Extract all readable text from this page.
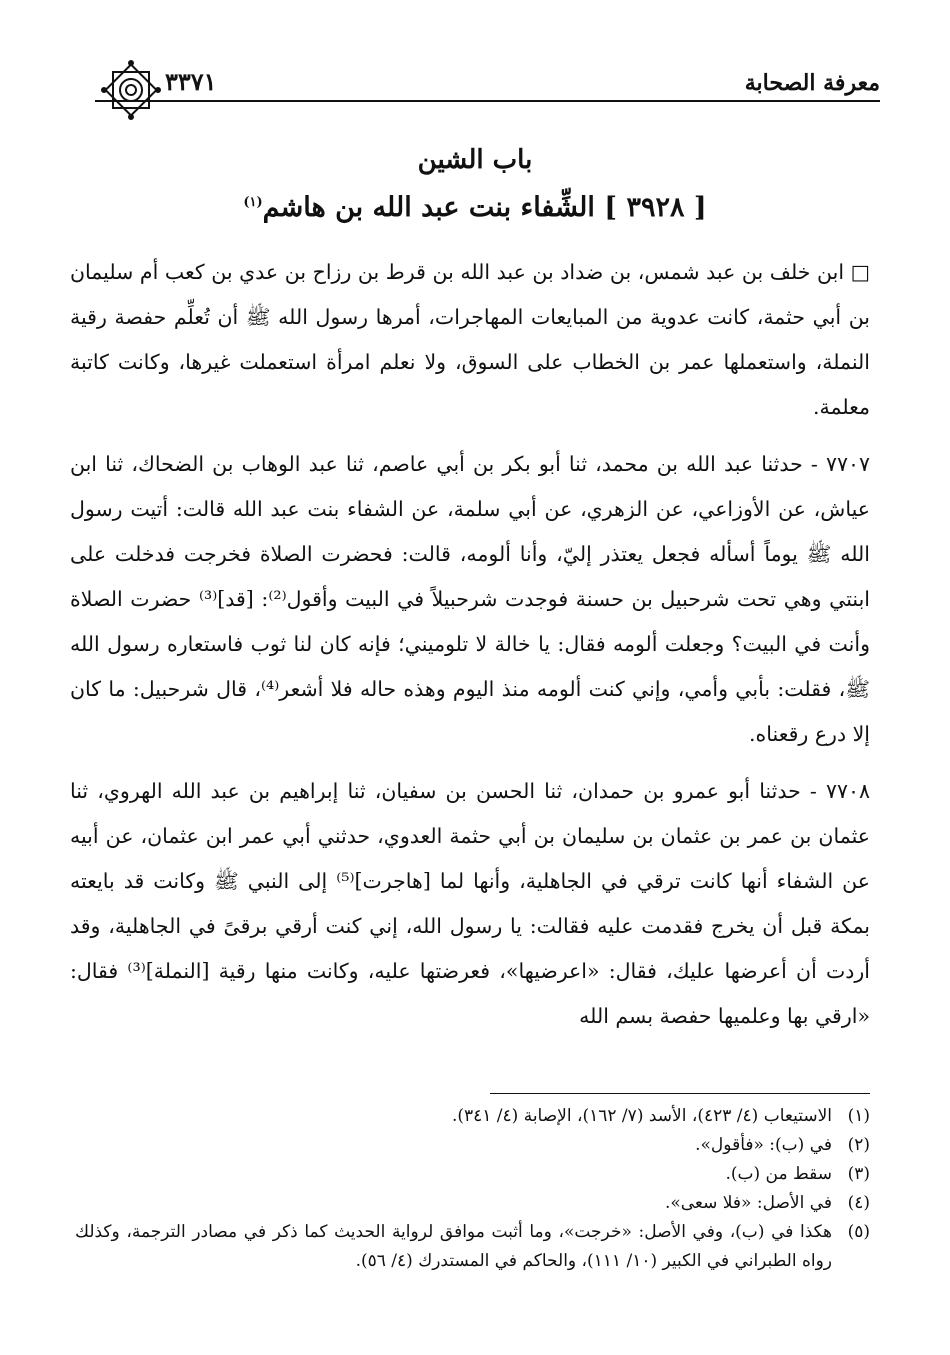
معرفة الصحابة
٣٣٧١
باب الشين
[ ٣٩٢٨ ] الشِّفاء بنت عبد الله بن هاشم$^{(١)}$

□ ابن خلف بن عبد شمس، بن ضداد بن عبد الله بن قرط بن رزاح بن عدي بن كعب أم سليمان بن أبي حثمة، كانت عدوية من المبايعات المهاجرات، أمرها رسول الله ﷺ أن تُعلِّم حفصة رقية النملة، واستعملها عمر بن الخطاب على السوق، ولا نعلم امرأة استعملت غيرها، وكانت كاتبة معلمة.

٧٧٠٧ - حدثنا عبد الله بن محمد، ثنا أبو بكر بن أبي عاصم، ثنا عبد الوهاب بن الضحاك، ثنا ابن عياش، عن الأوزاعي، عن الزهري، عن أبي سلمة، عن الشفاء بنت عبد الله قالت: أتيت رسول الله ﷺ يوماً أسأله فجعل يعتذر إليّ، وأنا ألومه، قالت: فحضرت الصلاة فخرجت فدخلت على ابنتي وهي تحت شرحبيل بن حسنة فوجدت شرحبيلاً في البيت وأقول⁽²⁾: [قد]⁽³⁾ حضرت الصلاة وأنت في البيت؟ وجعلت ألومه فقال: يا خالة لا تلوميني؛ فإنه كان لنا ثوب فاستعاره رسول الله ﷺ، فقلت: بأبي وأمي، وإني كنت ألومه منذ اليوم وهذه حاله فلا أشعر⁽⁴⁾، قال شرحبيل: ما كان إلا درع رقعناه.

٧٧٠٨ - حدثنا أبو عمرو بن حمدان، ثنا الحسن بن سفيان، ثنا إبراهيم بن عبد الله الهروي، ثنا عثمان بن عمر بن عثمان بن سليمان بن أبي حثمة العدوي، حدثني أبي عمر ابن عثمان، عن أبيه عن الشفاء أنها كانت ترقي في الجاهلية، وأنها لما [هاجرت]⁽⁵⁾ إلى النبي ﷺ وكانت قد بايعته بمكة قبل أن يخرج فقدمت عليه فقالت: يا رسول الله، إني كنت أرقي برقىً في الجاهلية، وقد أردت أن أعرضها عليك، فقال: «اعرضيها»، فعرضتها عليه، وكانت منها رقية [النملة]⁽³⁾ فقال: «ارقي بها وعلميها حفصة بسم الله

(١)
الاستيعاب (٤/ ٤٢٣)، الأسد (٧/ ١٦٢)، الإصابة (٤/ ٣٤١).
(٢)
في (ب): «فأقول».
(٣)
سقط من (ب).
(٤)
في الأصل: «فلا سعى».
(٥)
هكذا في (ب)، وفي الأصل: «خرجت»، وما أثبت موافق لرواية الحديث كما ذكر في مصادر الترجمة، وكذلك رواه الطبراني في الكبير (١٠/ ١١١)، والحاكم في المستدرك (٤/ ٥٦).
